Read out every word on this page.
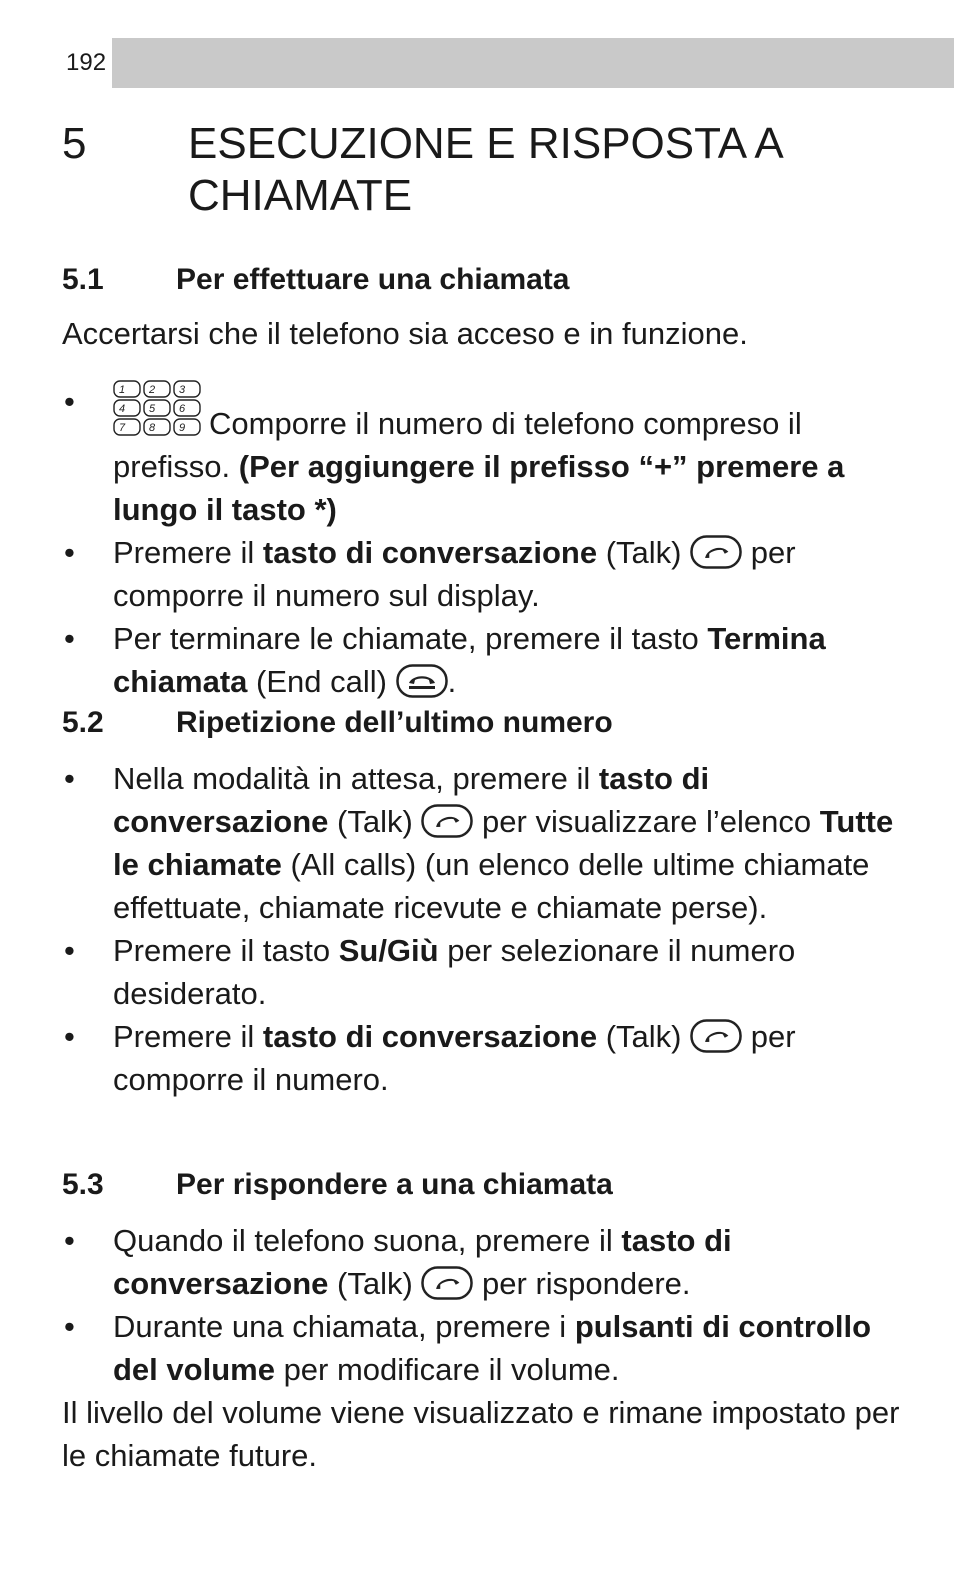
192
5 ESECUZIONE E RISPOSTA A CHIAMATE
5.1 Per effettuare una chiamata
Accertarsi che il telefono sia acceso e in funzione.
•	1 2 3
4 5 6
7 8 9 Comporre il numero di telefono compreso il prefisso. (Per aggiungere il prefisso “+” premere a lungo il tasto *)
• Premere il tasto di conversazione (Talk) per comporre il numero sul display.
• Per terminare le chiamate, premere il tasto Termina chiamata (End call) .
5.2 Ripetizione dell’ultimo numero
• Nella modalità in attesa, premere il tasto di conversazione (Talk) per visualizzare l’elenco Tutte le chiamate (All calls) (un elenco delle ultime chiamate effettuate, chiamate ricevute e chiamate perse).
• Premere il tasto Su/Giù per selezionare il numero desiderato.
• Premere il tasto di conversazione (Talk) per comporre il numero.
5.3 Per rispondere a una chiamata
• Quando il telefono suona, premere il tasto di conversazione (Talk) per rispondere.
• Durante una chiamata, premere i pulsanti di controllo del volume per modificare il volume.
Il livello del volume viene visualizzato e rimane impostato per le chiamate future.
